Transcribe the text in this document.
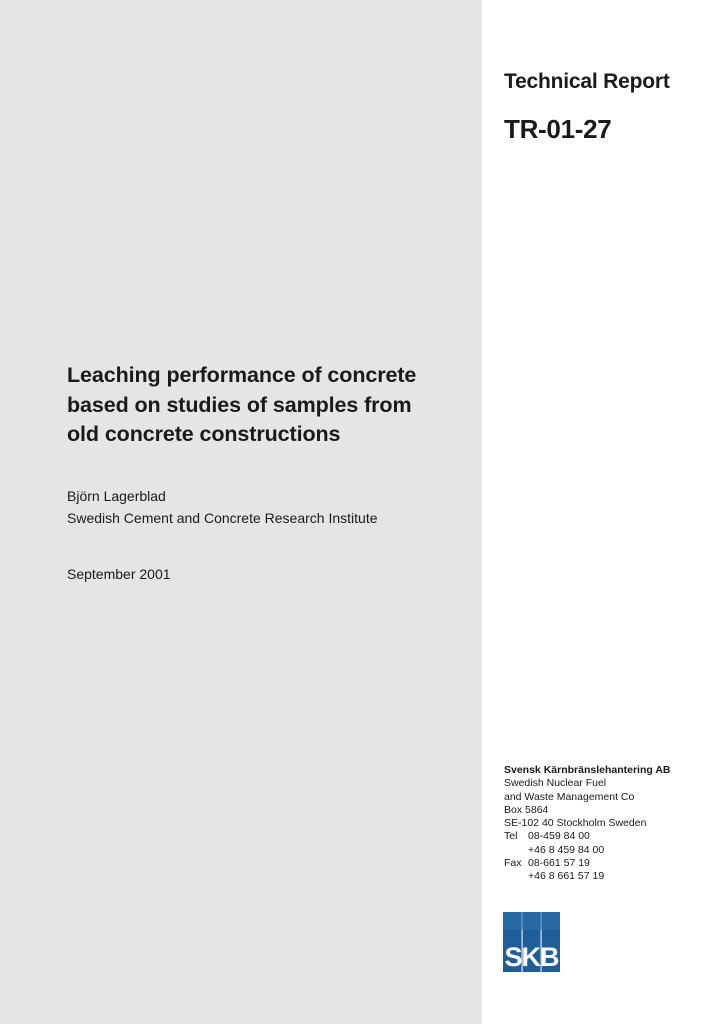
Technical Report
TR-01-27
Leaching performance of concrete
based on studies of samples from
old concrete constructions
Björn Lagerblad
Swedish Cement and Concrete Research Institute
September 2001
Svensk Kärnbränslehantering AB
Swedish Nuclear Fuel
and Waste Management Co
Box 5864
SE-102 40 Stockholm Sweden
Tel 08-459 84 00
+46 8 459 84 00
Fax 08-661 57 19
+46 8 661 57 19
SKB
